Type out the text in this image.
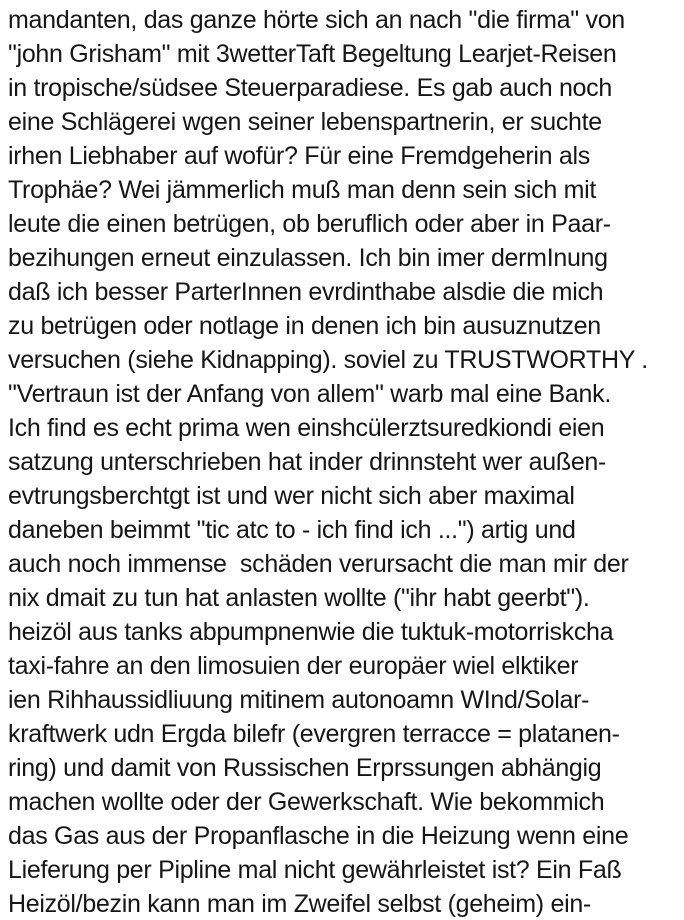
mandanten, das ganze hörte sich an nach "die firma" von
"john Grisham" mit 3wetterTaft Begeltung Learjet-Reisen
in tropische/südsee Steuerparadiese. Es gab auch noch
eine Schlägerei wgen seiner lebenspartnerin, er suchte
irhen Liebhaber auf wofür? Für eine Fremdgeherin als
Trophäe? Wei jämmerlich muß man denn sein sich mit
leute die einen betrügen, ob beruflich oder aber in Paar-
bezihungen erneut einzulassen. Ich bin imer dermInung
daß ich besser ParterInnen evrdinthabe alsdie die mich
zu betrügen oder notlage in denen ich bin ausuznutzen
versuchen (siehe Kidnapping). soviel zu TRUSTWORTHY .
"Vertraun ist der Anfang von allem" warb mal eine Bank.
Ich find es echt prima wen einshcülerztsuredkiondi eien
satzung unterschrieben hat inder drinnsteht wer außen-
evtrungsberchtgt ist und wer nicht sich aber maximal
daneben beimmt "tic atc to - ich find ich ...") artig und
auch noch immense  schäden verursacht die man mir der
nix dmait zu tun hat anlasten wollte ("ihr habt geerbt").
heizöl aus tanks abpumpnenwie die tuktuk-motorriskcha
taxi-fahre an den limosuien der europäer wiel elktiker
ien Rihhaussidliuung mitinem autonoamn WInd/Solar-
kraftwerk udn Ergda bilefr (evergren terracce = platanen-
ring) und damit von Russischen Erprssungen abhängig
machen wollte oder der Gewerkschaft. Wie bekommich
das Gas aus der Propanflasche in die Heizung wenn eine
Lieferung per Pipline mal nicht gewährleistet ist? Ein Faß
Heizöl/bezin kann man im Zweifel selbst (geheim) ein-
